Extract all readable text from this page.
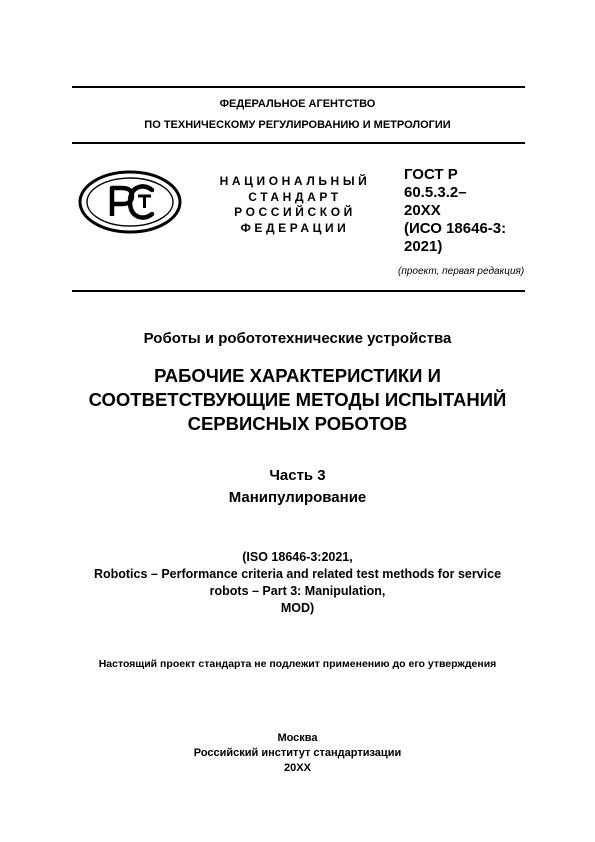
ФЕДЕРАЛЬНОЕ АГЕНТСТВО
ПО ТЕХНИЧЕСКОМУ РЕГУЛИРОВАНИЮ И МЕТРОЛОГИИ
НАЦИОНАЛЬНЫЙ
СТАНДАРТ
РОССИЙСКОЙ
ФЕДЕРАЦИИ
ГОСТ Р
60.5.3.2–
20ХХ
(ИСО 18646-3:
2021)
(проект, первая редакция)
Роботы и робототехнические устройства
РАБОЧИЕ ХАРАКТЕРИСТИКИ И
СООТВЕТСТВУЮЩИЕ МЕТОДЫ ИСПЫТАНИЙ
СЕРВИСНЫХ РОБОТОВ
Часть 3
Манипулирование
(ISO 18646-3:2021,
Robotics – Performance criteria and related test methods for service
robots – Part 3: Manipulation,
MOD)
Настоящий проект стандарта не подлежит применению до его утверждения
Москва
Российский институт стандартизации
20ХХ
